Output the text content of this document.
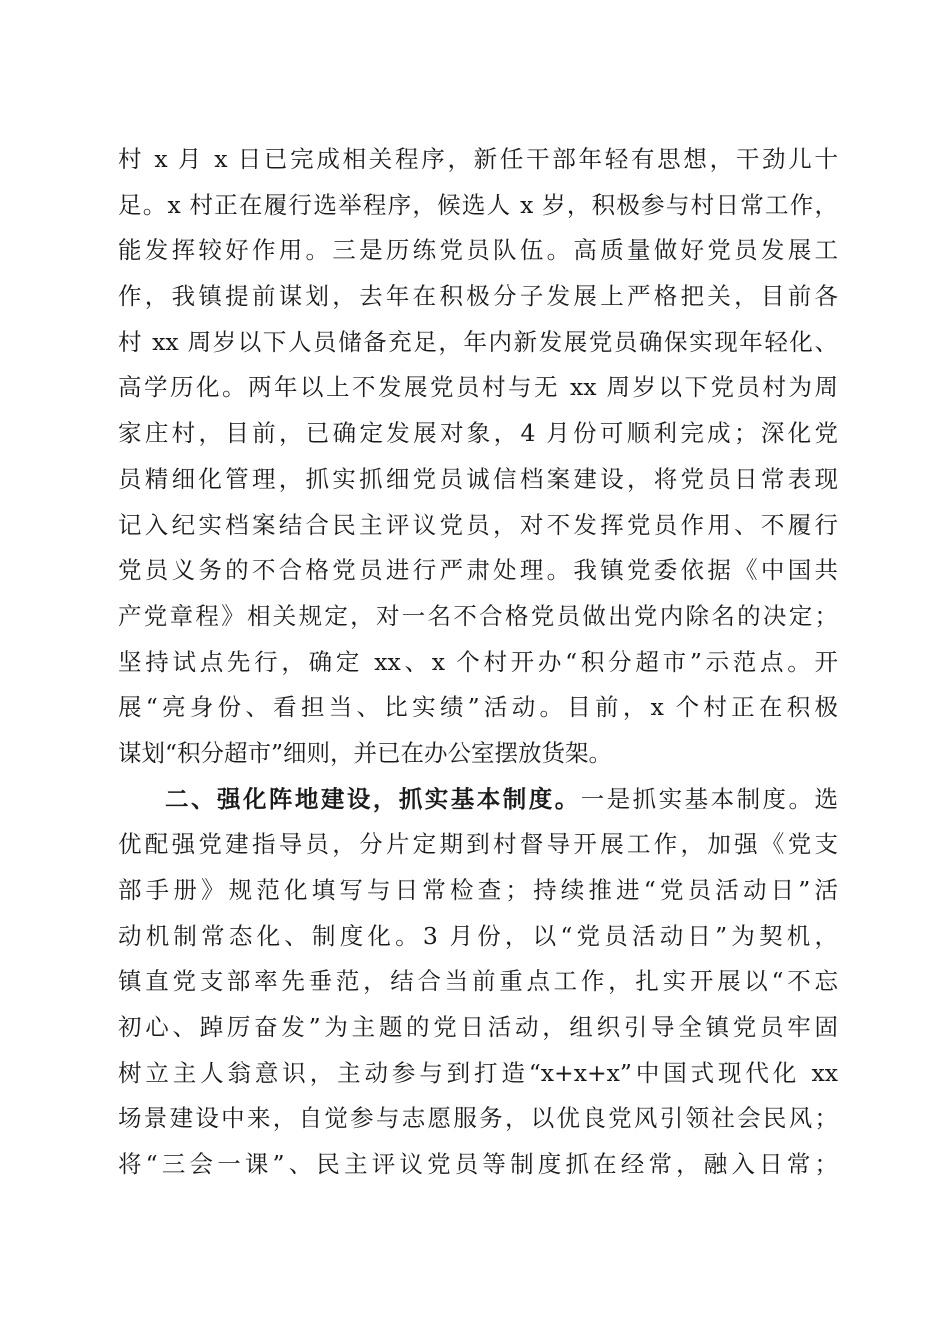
村 x 月 x 日已完成相关程序，新任干部年轻有思想，干劲儿十
足。x 村正在履行选举程序，候选人 x 岁，积极参与村日常工作，
能发挥较好作用。三是历练党员队伍。高质量做好党员发展工
作，我镇提前谋划，去年在积极分子发展上严格把关，目前各
村 xx 周岁以下人员储备充足，年内新发展党员确保实现年轻化、
高学历化。两年以上不发展党员村与无 xx 周岁以下党员村为周
家庄村，目前，已确定发展对象，4 月份可顺利完成；深化党
员精细化管理，抓实抓细党员诚信档案建设，将党员日常表现
记入纪实档案结合民主评议党员，对不发挥党员作用、不履行
党员义务的不合格党员进行严肃处理。我镇党委依据《中国共
产党章程》相关规定，对一名不合格党员做出党内除名的决定；
坚持试点先行，确定 xx、x 个村开办“积分超市”示范点。开
展“亮身份、看担当、比实绩”活动。目前，x 个村正在积极
谋划“积分超市”细则，并已在办公室摆放货架。
二、强化阵地建设，抓实基本制度。一是抓实基本制度。选
优配强党建指导员，分片定期到村督导开展工作，加强《党支
部手册》规范化填写与日常检查；持续推进“党员活动日”活
动机制常态化、制度化。3 月份，以“党员活动日”为契机，
镇直党支部率先垂范，结合当前重点工作，扎实开展以“不忘
初心、踔厉奋发”为主题的党日活动，组织引导全镇党员牢固
树立主人翁意识，主动参与到打造“x+x+x”中国式现代化 xx
场景建设中来，自觉参与志愿服务，以优良党风引领社会民风；
将“三会一课”、民主评议党员等制度抓在经常，融入日常；
